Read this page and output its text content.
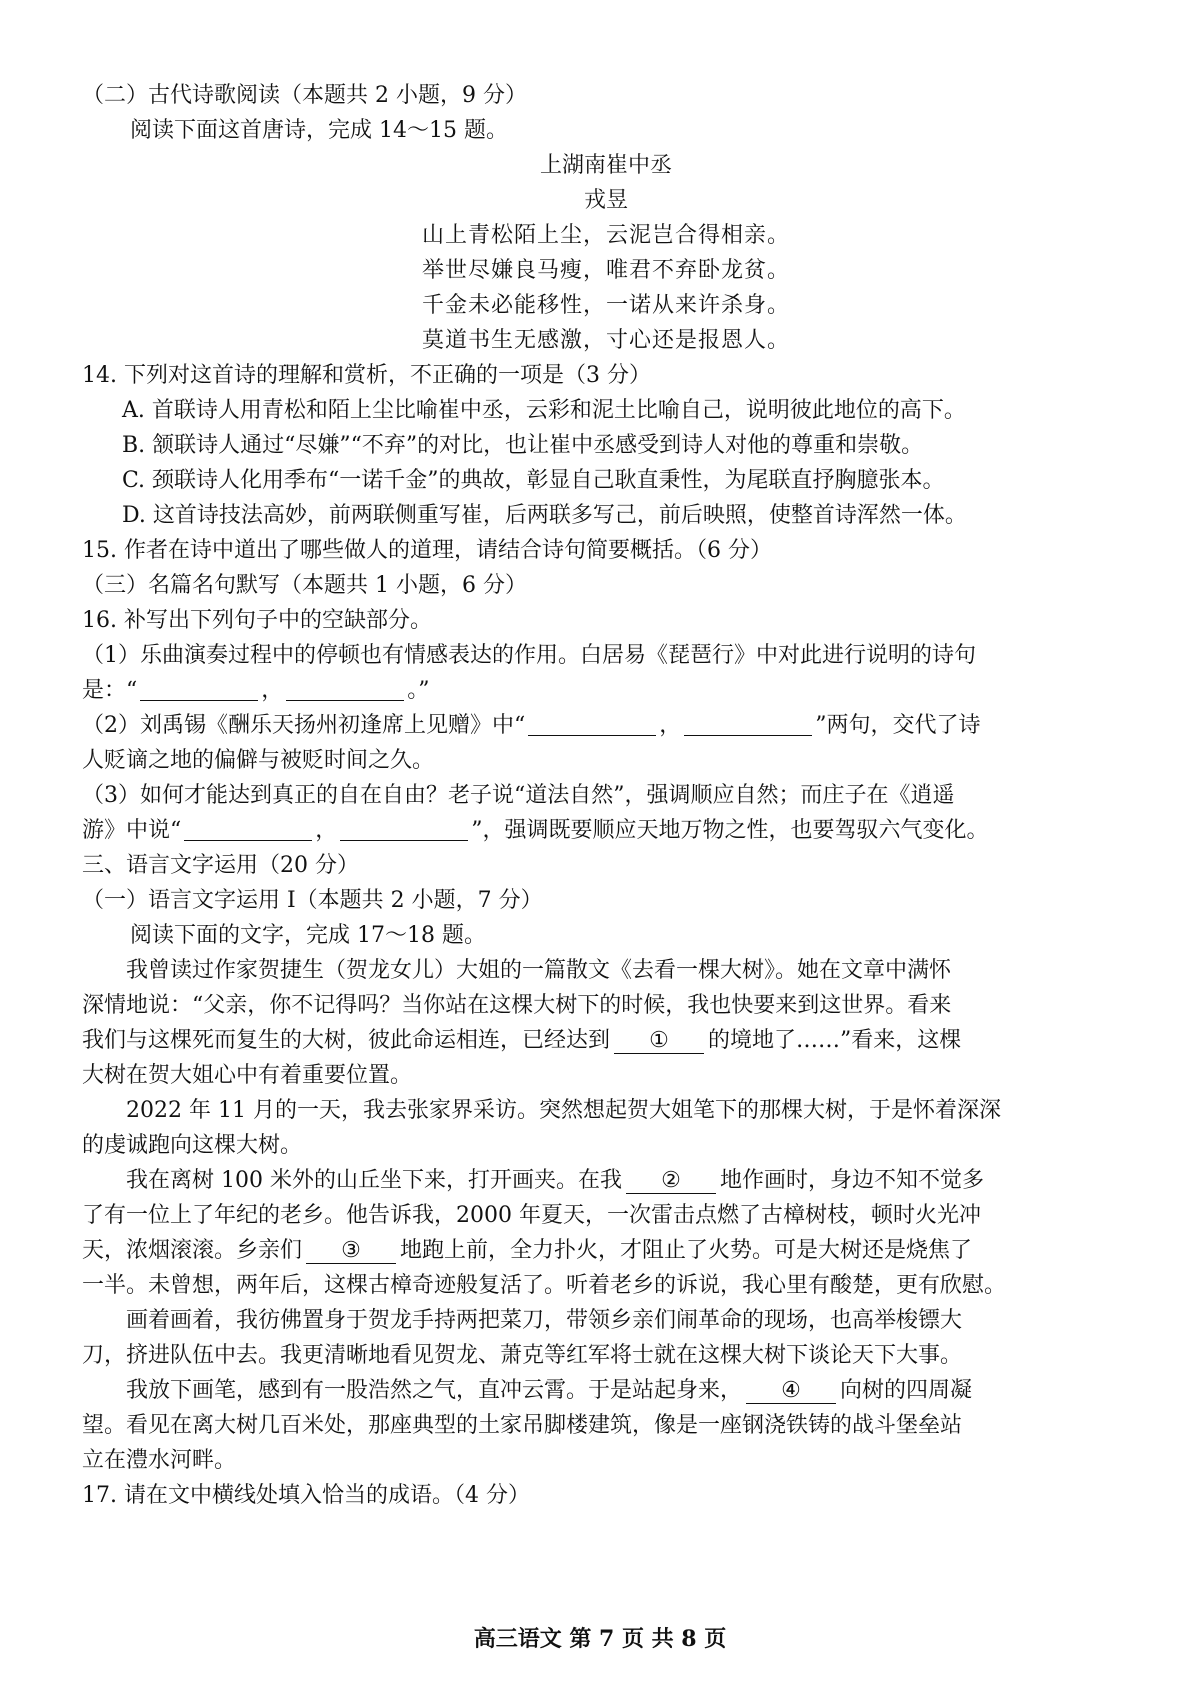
（二）古代诗歌阅读（本题共 2 小题，9 分）
阅读下面这首唐诗，完成 14～15 题。
上湖南崔中丞
戎昱
山上青松陌上尘，云泥岂合得相亲。
举世尽嫌良马瘦，唯君不弃卧龙贫。
千金未必能移性，一诺从来许杀身。
莫道书生无感激，寸心还是报恩人。
14. 下列对这首诗的理解和赏析，不正确的一项是（3 分）
A. 首联诗人用青松和陌上尘比喻崔中丞，云彩和泥土比喻自己，说明彼此地位的高下。
B. 颔联诗人通过“尽嫌”“不弃”的对比，也让崔中丞感受到诗人对他的尊重和崇敬。
C. 颈联诗人化用季布“一诺千金”的典故，彰显自己耿直秉性，为尾联直抒胸臆张本。
D. 这首诗技法高妙，前两联侧重写崔，后两联多写己，前后映照，使整首诗浑然一体。
15. 作者在诗中道出了哪些做人的道理，请结合诗句简要概括。（6 分）
（三）名篇名句默写（本题共 1 小题，6 分）
16. 补写出下列句子中的空缺部分。
（1）乐曲演奏过程中的停顿也有情感表达的作用。白居易《琵琶行》中对此进行说明的诗句
是：“	，	。”
（2）刘禹锡《酬乐天扬州初逢席上见赠》中“	，	”两句，交代了诗
人贬谪之地的偏僻与被贬时间之久。
（3）如何才能达到真正的自在自由？老子说“道法自然”，强调顺应自然；而庄子在《逍遥
游》中说“	，	”，强调既要顺应天地万物之性，也要驾驭六气变化。
三、语言文字运用（20 分）
（一）语言文字运用 I（本题共 2 小题，7 分）
阅读下面的文字，完成 17～18 题。
我曾读过作家贺捷生（贺龙女儿）大姐的一篇散文《去看一棵大树》。她在文章中满怀
深情地说：“父亲，你不记得吗？当你站在这棵大树下的时候，我也快要来到这世界。看来
我们与这棵死而复生的大树，彼此命运相连，已经达到 ① 的境地了……”看来，这棵
大树在贺大姐心中有着重要位置。
2022 年 11 月的一天，我去张家界采访。突然想起贺大姐笔下的那棵大树，于是怀着深深
的虔诚跑向这棵大树。
我在离树 100 米外的山丘坐下来，打开画夹。在我 ② 地作画时，身边不知不觉多
了有一位上了年纪的老乡。他告诉我，2000 年夏天，一次雷击点燃了古樟树枝，顿时火光冲
天，浓烟滚滚。乡亲们 ③ 地跑上前，全力扑火，才阻止了火势。可是大树还是烧焦了
一半。未曾想，两年后，这棵古樟奇迹般复活了。听着老乡的诉说，我心里有酸楚，更有欣慰。
画着画着，我彷佛置身于贺龙手持两把菜刀，带领乡亲们闹革命的现场，也高举梭镖大
刀，挤进队伍中去。我更清晰地看见贺龙、萧克等红军将士就在这棵大树下谈论天下大事。
我放下画笔，感到有一股浩然之气，直冲云霄。于是站起身来， ④ 向树的四周凝
望。看见在离大树几百米处，那座典型的土家吊脚楼建筑，像是一座钢浇铁铸的战斗堡垒站
立在澧水河畔。
17. 请在文中横线处填入恰当的成语。（4 分）
高三语文 第 7 页 共 8 页
